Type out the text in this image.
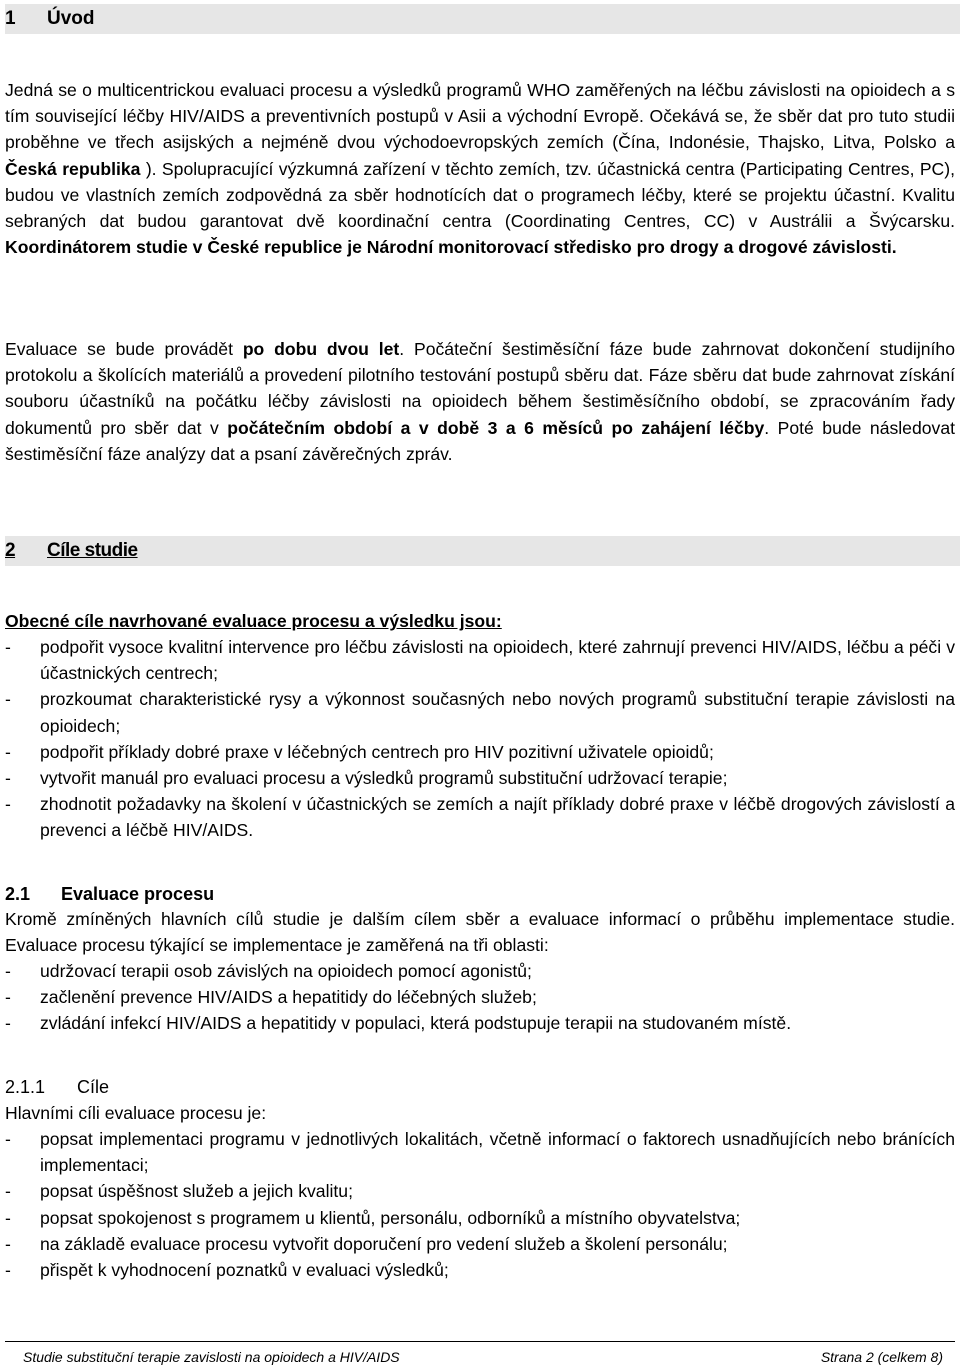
1 Úvod
Jedná se o multicentrickou evaluaci procesu a výsledků programů WHO zaměřených na léčbu závislosti na opioidech a s tím související léčby HIV/AIDS a preventivních postupů v Asii a východní Evropě. Očekává se, že sběr dat pro tuto studii proběhne ve třech asijských a nejméně dvou východoevropských zemích (Čína, Indonésie, Thajsko, Litva, Polsko a Česká republika ). Spolupracující výzkumná zařízení v těchto zemích, tzv. účastnická centra (Participating Centres, PC), budou ve vlastních zemích zodpovědná za sběr hodnotících dat o programech léčby, které se projektu účastní. Kvalitu sebraných dat budou garantovat dvě koordinační centra (Coordinating Centres, CC) v Austrálii a Švýcarsku. Koordinátorem studie v České republice je Národní monitorovací středisko pro drogy a drogové závislosti.
Evaluace se bude provádět po dobu dvou let. Počáteční šestiměsíční fáze bude zahrnovat dokončení studijního protokolu a školících materiálů a provedení pilotního testování postupů sběru dat. Fáze sběru dat bude zahrnovat získání souboru účastníků na počátku léčby závislosti na opioidech během šestiměsíčního období, se zpracováním řady dokumentů pro sběr dat v počátečním období a v době 3 a 6 měsíců po zahájení léčby. Poté bude následovat šestiměsíční fáze analýzy dat a psaní závěrečných zpráv.
2 Cíle studie
Obecné cíle navrhované evaluace procesu a výsledku jsou:
- podpořit vysoce kvalitní intervence pro léčbu závislosti na opioidech, které zahrnují prevenci HIV/AIDS, léčbu a péči v účastnických centrech;
- prozkoumat charakteristické rysy a výkonnost současných nebo nových programů substituční terapie závislosti na opioidech;
- podpořit příklady dobré praxe v léčebných centrech pro HIV pozitivní uživatele opioidů;
- vytvořit manuál pro evaluaci procesu a výsledků programů substituční udržovací terapie;
- zhodnotit požadavky na školení v účastnických se zemích a najít příklady dobré praxe v léčbě drogových závislostí a prevenci a léčbě HIV/AIDS.
2.1 Evaluace procesu
Kromě zmíněných hlavních cílů studie je dalším cílem sběr a evaluace informací o průběhu implementace studie. Evaluace procesu týkající se implementace je zaměřená na tři oblasti:
- udržovací terapii osob závislých na opioidech pomocí agonistů;
- začlenění prevence HIV/AIDS a hepatitidy do léčebných služeb;
- zvládání infekcí HIV/AIDS a hepatitidy v populaci, která podstupuje terapii na studovaném místě.
2.1.1 Cíle
Hlavními cíli evaluace procesu je:
- popsat implementaci programu v jednotlivých lokalitách, včetně informací o faktorech usnadňujících nebo bránících implementaci;
- popsat úspěšnost služeb a jejich kvalitu;
- popsat spokojenost s programem u klientů, personálu, odborníků a místního obyvatelstva;
- na základě evaluace procesu vytvořit doporučení pro vedení služeb a školení personálu;
- přispět k vyhodnocení poznatků v evaluaci výsledků;
Studie substituční terapie zavislosti na opioidech a HIV/AIDS	Strana 2 (celkem 8)
